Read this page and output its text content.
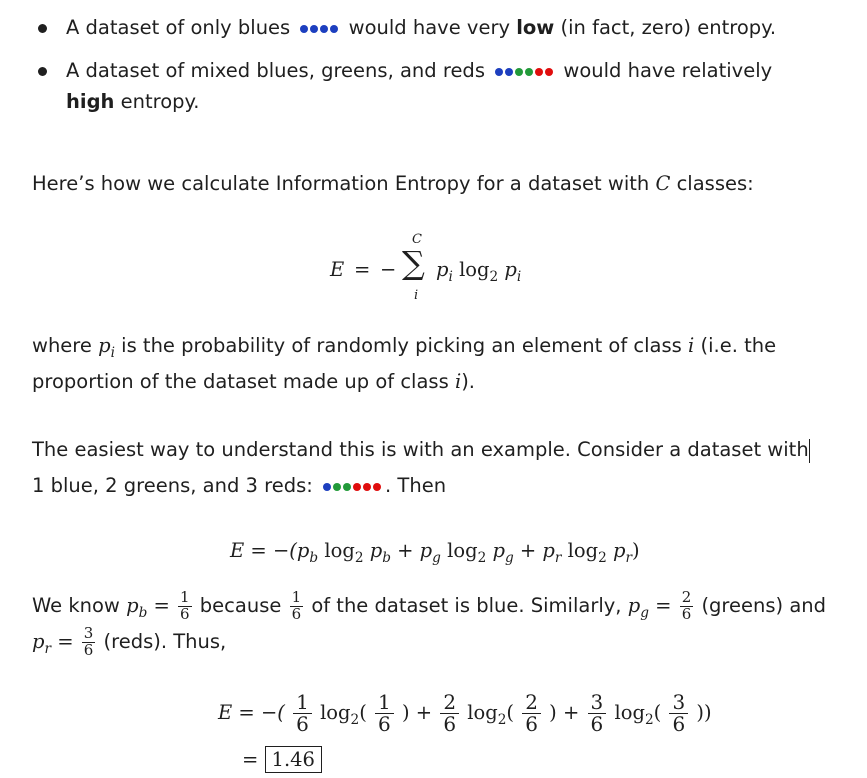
A dataset of only blues	would have very low (in fact, zero) entropy.
A dataset of mixed blues, greens, and reds	would have relatively high entropy.
Here’s how we calculate Information Entropy for a dataset with C classes:
E = −
C
∑
i
$p_i$ $\log_2 p_i$
where $p_i$ is the probability of randomly picking an element of class i (i.e. the
proportion of the dataset made up of class i).
The easiest way to understand this is with an example. Consider a dataset with
1 blue, 2 greens, and 3 reds:	. Then
$E = -(p_b$ $\log_2 p_b + p_g$ $\log_2 p_g + p_r$ $\log_2 p_r$)
We know $p_b = \frac{1}{6}$ because $\frac{1}{6}$ of the dataset is blue. Similarly, $p_g = \frac{2}{6}$ (greens) and
$p_r = \frac{3}{6}$ (reds). Thus,
E = −( $\frac{1}{6} \log_2( \frac{1}{6}$ ) + $\frac{2}{6} \log_2( \frac{2}{6}$ ) + $\frac{3}{6} \log_2( \frac{3}{6}$ ))
= 1.46
